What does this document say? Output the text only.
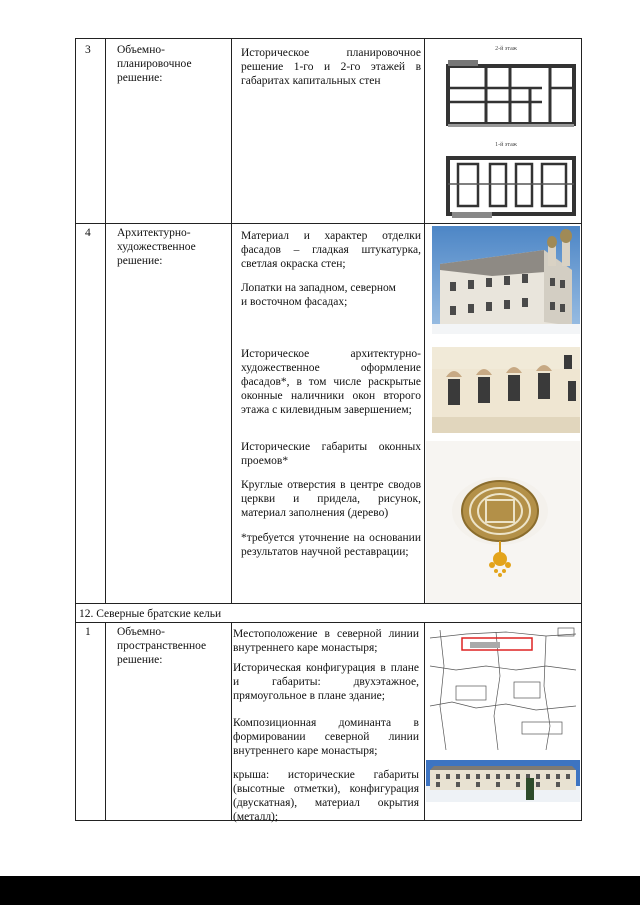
3 Объемно-
планировочное
решение:
Историческое планировочное решение 1-го и 2-го этажей в габаритах капитальных стен
2-й этаж
1-й этаж
4 Архитектурно-
художественное
решение:
Материал и характер отделки фасадов – гладкая штукатурка, светлая окраска стен;
Лопатки на западном, северном и восточном фасадах;
Историческое архитектурно-художественное оформление фасадов*, в том числе раскрытые оконные наличники окон второго этажа с килевидным завершением;
Исторические габариты оконных проемов*
Круглые отверстия в центре сводов церкви и придела, рисунок, материал заполнения (дерево)
*требуется уточнение на основании результатов научной реставрации;
12. Северные братские кельи
1 Объемно-
пространственное
решение:
Местоположение в северной линии внутреннего каре монастыря;
Историческая конфигурация в плане и габариты: двухэтажное, прямоугольное в плане здание;
Композиционная доминанта в формировании северной линии внутреннего каре монастыря;
крыша: исторические габариты (высотные отметки), конфигурация (двускатная), материал окрытия (металл);
